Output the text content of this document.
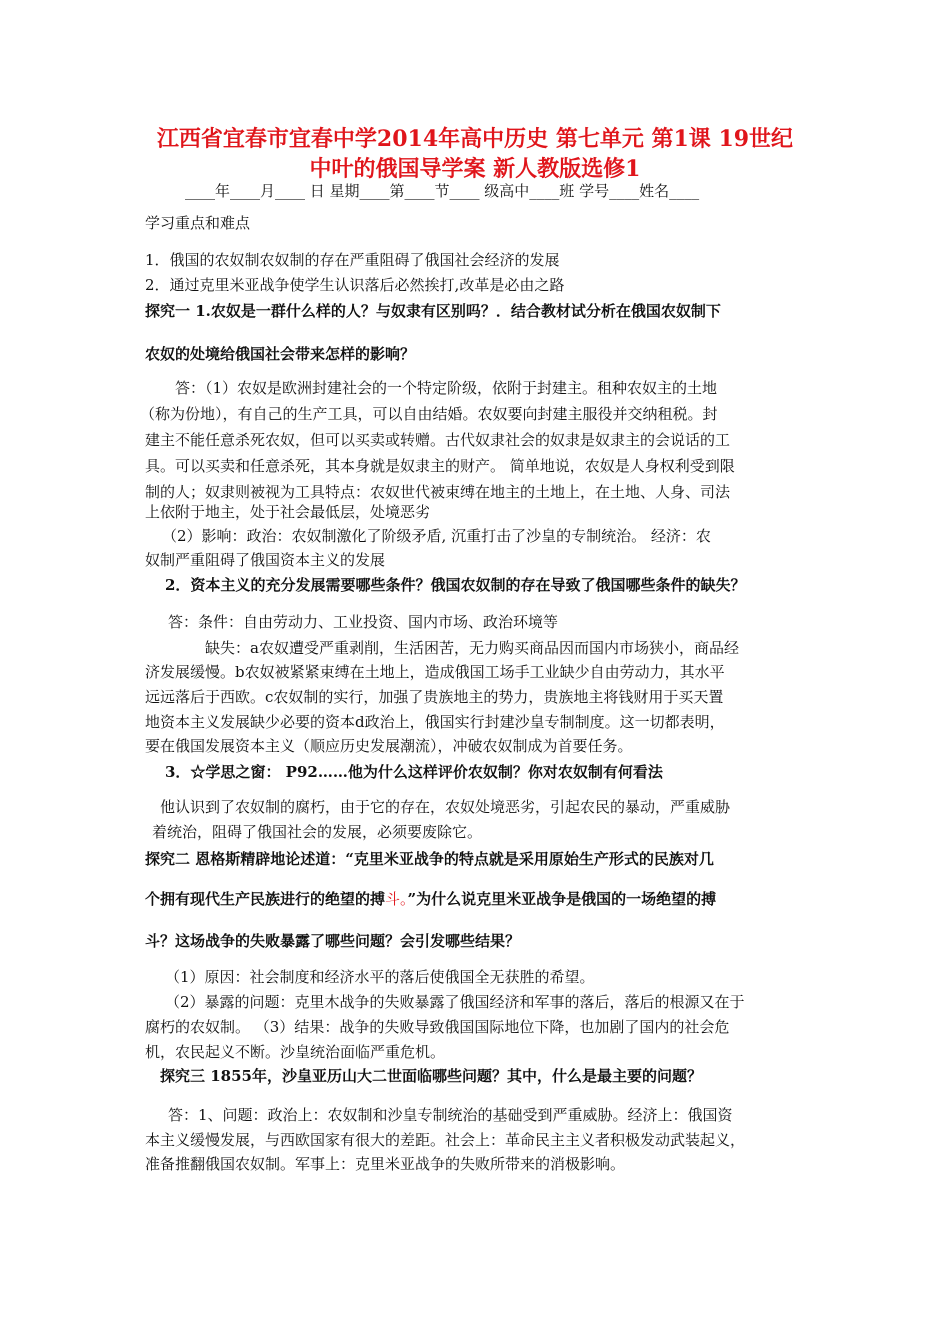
江西省宜春市宜春中学2014年高中历史 第七单元 第1课 19世纪
中叶的俄国导学案 新人教版选修1
____年____月____ 日 星期____第____节____ 级高中____班 学号____姓名____
学习重点和难点
1．俄国的农奴制农奴制的存在严重阻碍了俄国社会经济的发展
2．通过克里米亚战争使学生认识落后必然挨打,改革是必由之路
探究一 1.农奴是一群什么样的人？与奴隶有区别吗？．结合教材试分析在俄国农奴制下
农奴的处境给俄国社会带来怎样的影响？
答：（1）农奴是欧洲封建社会的一个特定阶级，依附于封建主。租种农奴主的土地
（称为份地），有自己的生产工具，可以自由结婚。农奴要向封建主服役并交纳租税。封
建主不能任意杀死农奴，但可以买卖或转赠。古代奴隶社会的奴隶是奴隶主的会说话的工
具。可以买卖和任意杀死，其本身就是奴隶主的财产。 简单地说，农奴是人身权利受到限
制的人；奴隶则被视为工具特点：农奴世代被束缚在地主的土地上，在土地、人身、司法
上依附于地主，处于社会最低层，处境恶劣
（2）影响：政治：农奴制激化了阶级矛盾, 沉重打击了沙皇的专制统治。 经济：农
奴制严重阻碍了俄国资本主义的发展
2．资本主义的充分发展需要哪些条件？俄国农奴制的存在导致了俄国哪些条件的缺失？
答：条件：自由劳动力、工业投资、国内市场、政治环境等
缺失：a农奴遭受严重剥削，生活困苦，无力购买商品因而国内市场狭小，商品经
济发展缓慢。b农奴被紧紧束缚在土地上，造成俄国工场手工业缺少自由劳动力，其水平
远远落后于西欧。c农奴制的实行，加强了贵族地主的势力，贵族地主将钱财用于买天置
地资本主义发展缺少必要的资本d政治上，俄国实行封建沙皇专制制度。这一切都表明，
要在俄国发展资本主义（顺应历史发展潮流），冲破农奴制成为首要任务。
3．☆学思之窗： P92……他为什么这样评价农奴制？你对农奴制有何看法
他认识到了农奴制的腐朽，由于它的存在，农奴处境恶劣，引起农民的暴动，严重威胁
着统治，阻碍了俄国社会的发展，必须要废除它。
探究二 恩格斯精辟地论述道：“克里米亚战争的特点就是采用原始生产形式的民族对几
个拥有现代生产民族进行的绝望的搏斗。”为什么说克里米亚战争是俄国的一场绝望的搏
斗？这场战争的失败暴露了哪些问题？会引发哪些结果？
（1）原因：社会制度和经济水平的落后使俄国全无获胜的希望。
（2）暴露的问题：克里木战争的失败暴露了俄国经济和军事的落后，落后的根源又在于
腐朽的农奴制。 （3）结果：战争的失败导致俄国国际地位下降，也加剧了国内的社会危
机，农民起义不断。沙皇统治面临严重危机。
探究三 1855年，沙皇亚历山大二世面临哪些问题？其中，什么是最主要的问题？
答：1、问题：政治上：农奴制和沙皇专制统治的基础受到严重威胁。经济上：俄国资
本主义缓慢发展，与西欧国家有很大的差距。社会上：革命民主主义者积极发动武装起义，
准备推翻俄国农奴制。军事上：克里米亚战争的失败所带来的消极影响。
